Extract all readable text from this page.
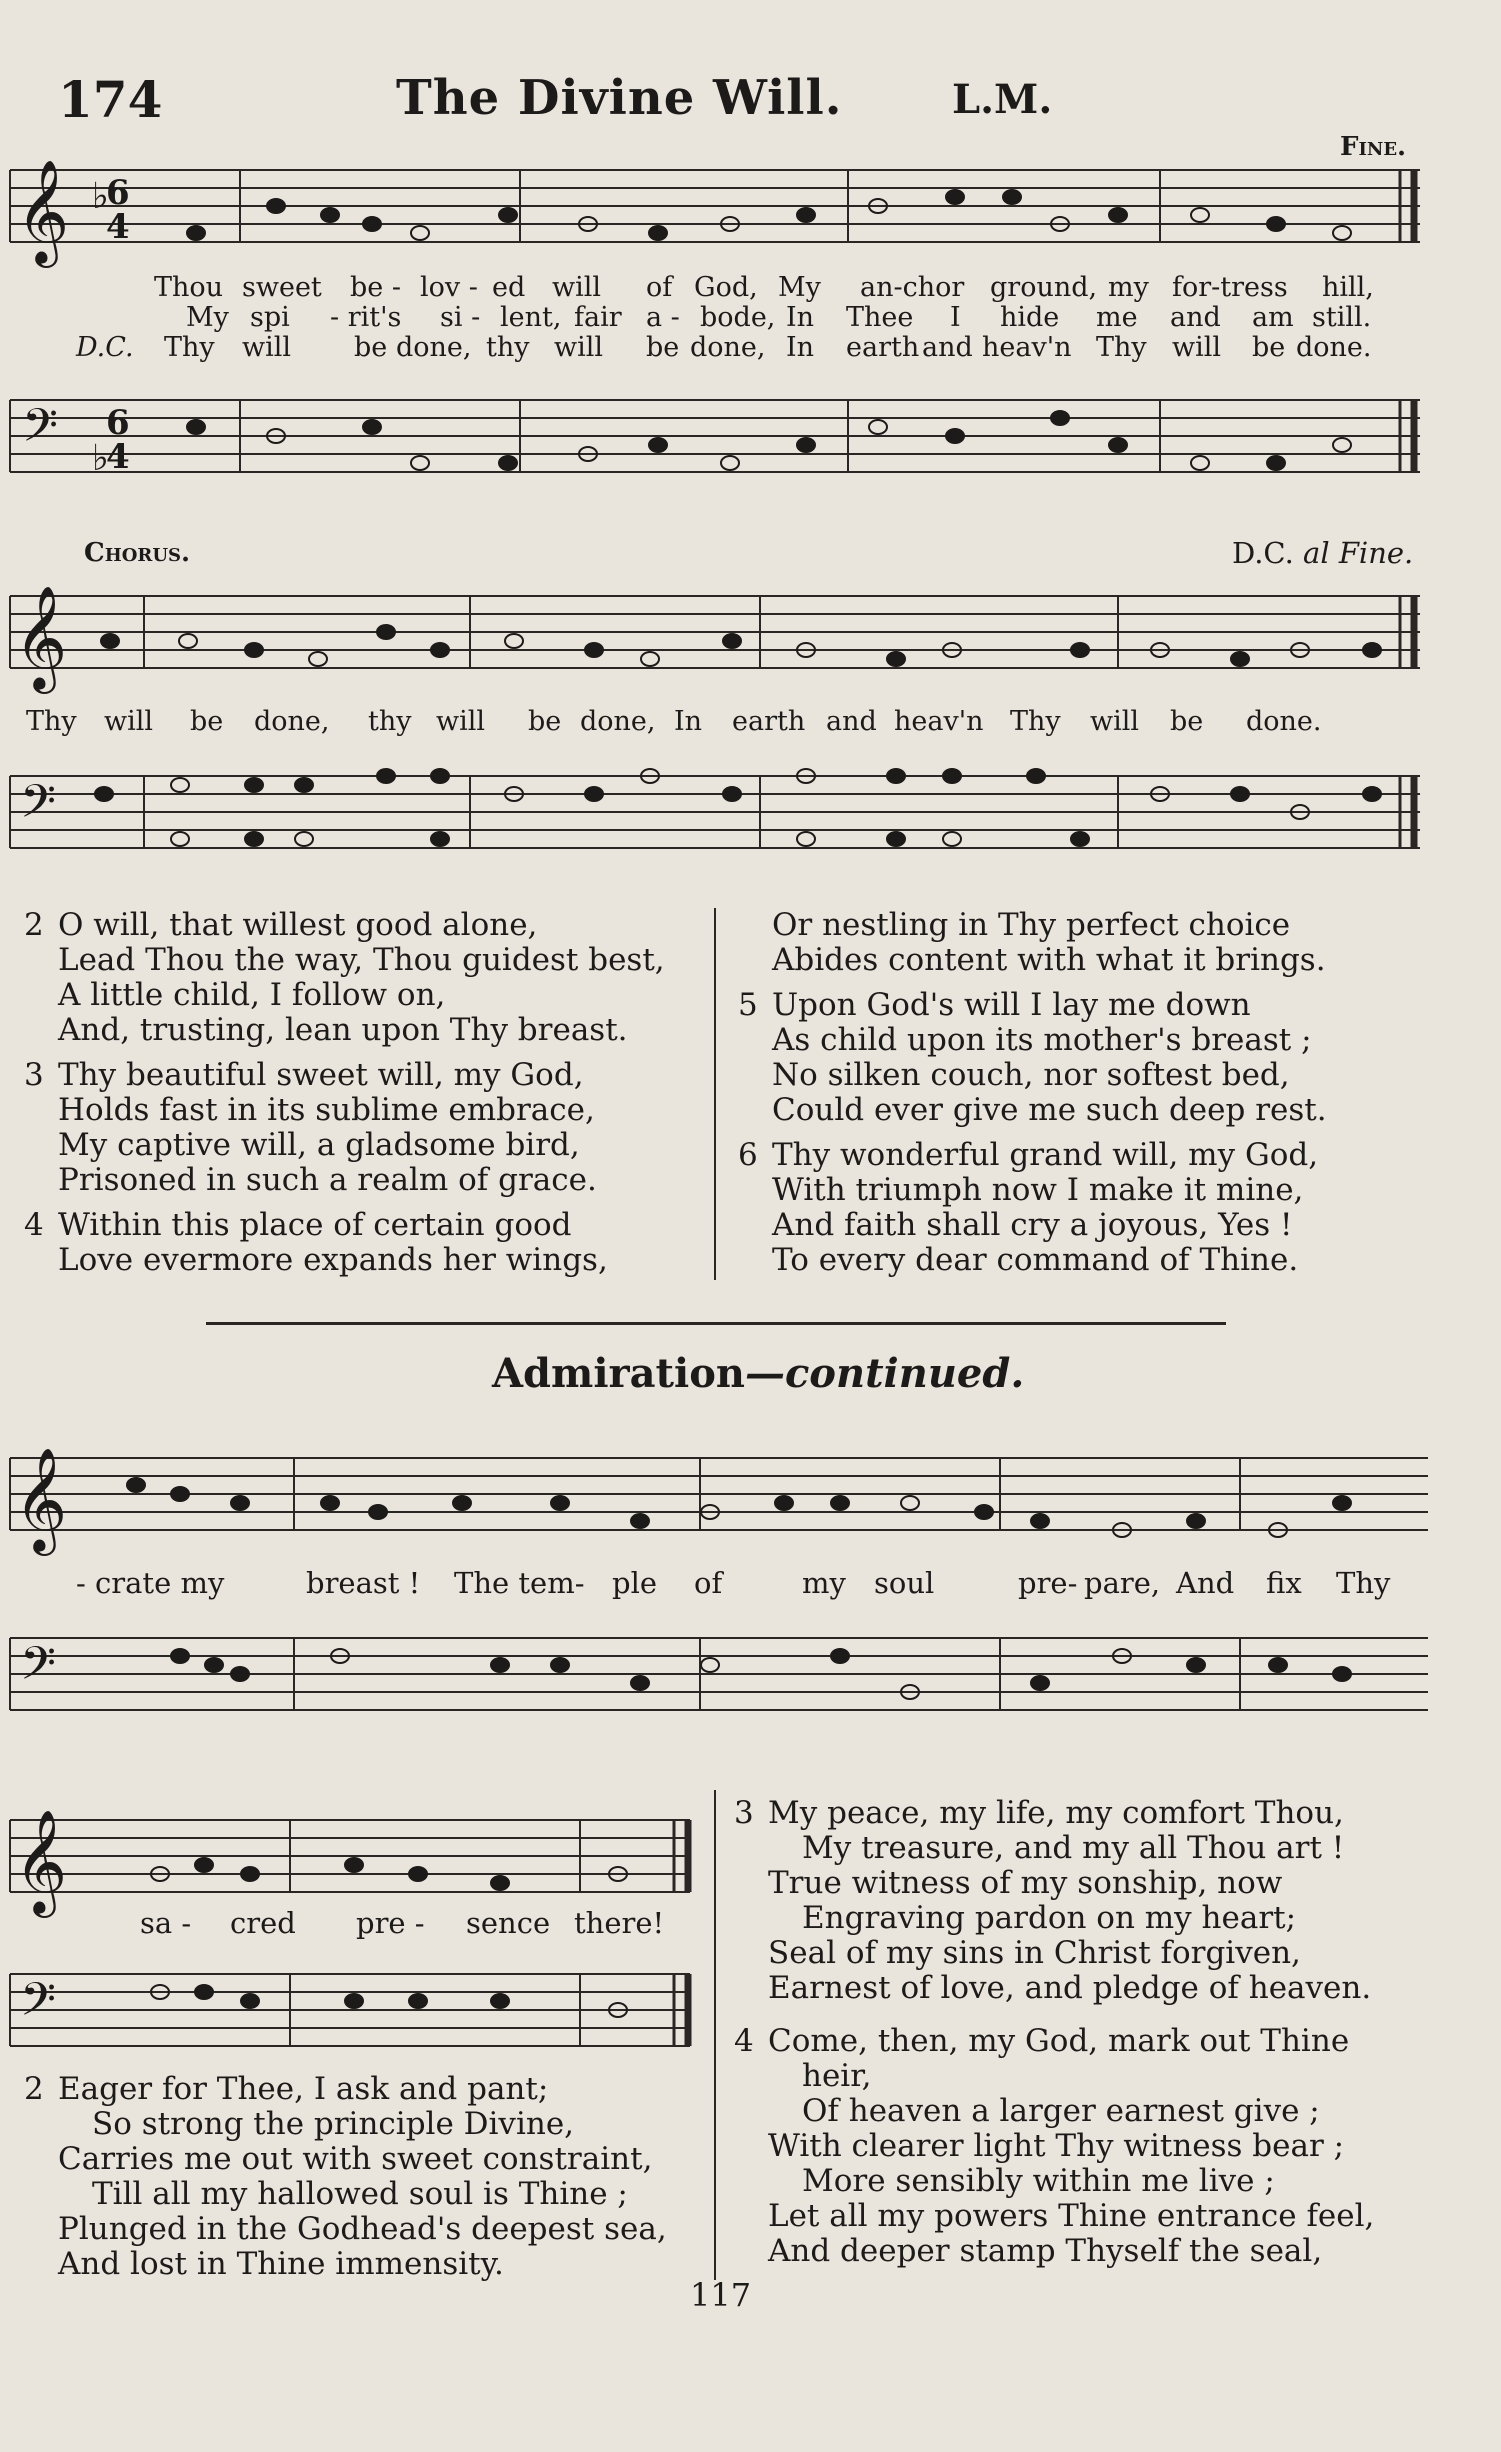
174	The Divine Will.	L.M.
Fine.
𝄞 ♭
6
4
Thou sweet be - lov - ed will of God, My an-chor ground, my for-tress hill,
My spi - rit's si - lent, fair a - bode, In Thee I hide me and am still.
D.C. Thy will be done, thy will be done, In earth and heav'n Thy will be done.
𝄢 ♭
6
4
Chorus.	D.C. al Fine.
𝄞
Thy will be done, thy will be done, In earth and heav'n Thy will be done.
𝄢
2 O will, that willest good alone,
Lead Thou the way, Thou guidest best,
A little child, I follow on,
And, trusting, lean upon Thy breast.
3 Thy beautiful sweet will, my God,
Holds fast in its sublime embrace,
My captive will, a gladsome bird,
Prisoned in such a realm of grace.
4 Within this place of certain good
Love evermore expands her wings,
Or nestling in Thy perfect choice
Abides content with what it brings.
5 Upon God's will I lay me down
As child upon its mother's breast ;
No silken couch, nor softest bed,
Could ever give me such deep rest.
6 Thy wonderful grand will, my God,
With triumph now I make it mine,
And faith shall cry a joyous, Yes !
To every dear command of Thine.
Admiration—continued.
𝄞
- crate my	breast ! The tem- ple of	my soul	pre- pare, And fix Thy
𝄢
𝄞
sa - cred pre - sence there!
𝄢
3 My peace, my life, my comfort Thou,
My treasure, and my all Thou art !
True witness of my sonship, now
Engraving pardon on my heart;
Seal of my sins in Christ forgiven,
Earnest of love, and pledge of heaven.
4 Come, then, my God, mark out Thine
heir,
Of heaven a larger earnest give ;
With clearer light Thy witness bear ;
More sensibly within me live ;
Let all my powers Thine entrance feel,
And deeper stamp Thyself the seal,
2 Eager for Thee, I ask and pant;
So strong the principle Divine,
Carries me out with sweet constraint,
Till all my hallowed soul is Thine ;
Plunged in the Godhead's deepest sea,
And lost in Thine immensity.
117
